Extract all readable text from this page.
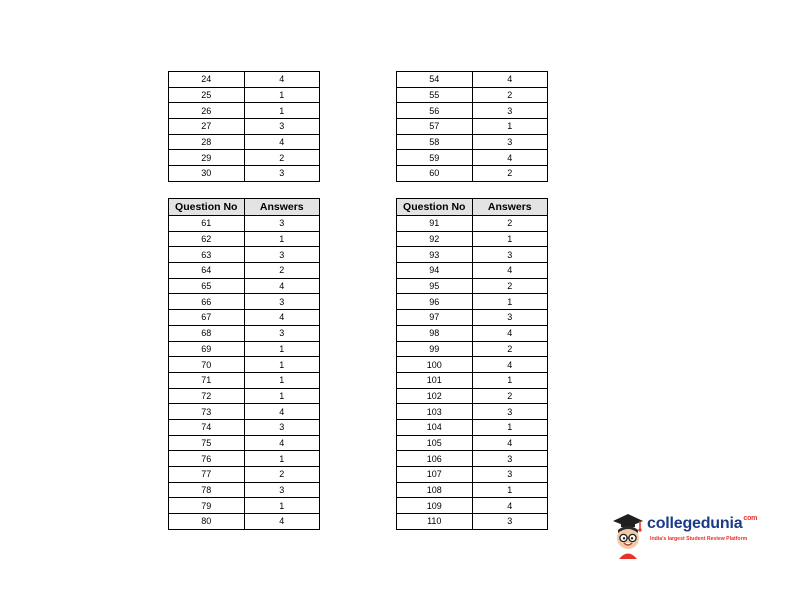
24	4
25	1
26	1
27	3
28	4
29	2
30	3
54	4
55	2
56	3
57	1
58	3
59	4
60	2
Question No	Answers
61	3
62	1
63	3
64	2
65	4
66	3
67	4
68	3
69	1
70	1
71	1
72	1
73	4
74	3
75	4
76	1
77	2
78	3
79	1
80	4
Question No	Answers
91	2
92	1
93	3
94	4
95	2
96	1
97	3
98	4
99	2
100	4
101	1
102	2
103	3
104	1
105	4
106	3
107	3
108	1
109	4
110	3	collegedunia$^{com}$
India's largest Student Review Platform
